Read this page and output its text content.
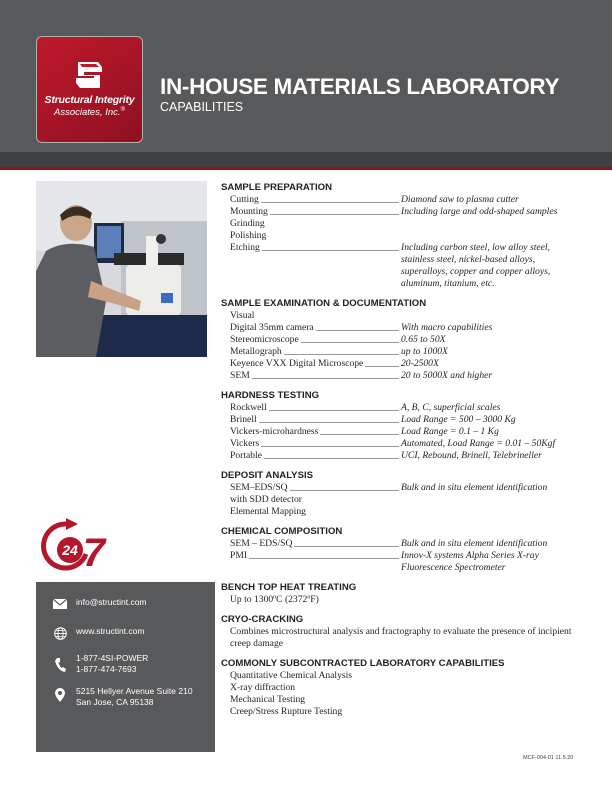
Structural Integrity
Associates, Inc.®
IN-HOUSE MATERIALS LABORATORY
CAPABILITIES
24 7
info@structint.com
www.structint.com
1-877-4SI-POWER
1-877-474-7693
5215 Hellyer Avenue Suite 210
San Jose, CA 95138
SAMPLE PREPARATION
Cutting	Diamond saw to plasma cutter
Mounting	Including large and odd-shaped samples
Grinding
Polishing
Etching	Including carbon steel, low alloy steel, stainless steel, nickel-based alloys, superalloys, copper and copper alloys, aluminum, titanium, etc.
SAMPLE EXAMINATION & DOCUMENTATION
Visual
Digital 35mm camera	With macro capabilities
Stereomicroscope	0.65 to 50X
Metallograph	up to 1000X
Keyence VXX Digital Microscope	20-2500X
SEM	20 to 5000X and higher
HARDNESS TESTING
Rockwell	A, B, C, superficial scales
Brinell	Load Range = 500 – 3000 Kg
Vickers-microhardness	Load Range = 0.1 – 1 Kg
Vickers	Automated, Load Range = 0.01 – 50Kgf
Portable	UCI, Rebound, Brinell, Telebrineller
DEPOSIT ANALYSIS
SEM–EDS/SQ	Bulk and in situ element identification
with SDD detector
Elemental Mapping
CHEMICAL COMPOSITION
SEM – EDS/SQ	Bulk and in situ element identification
PMI	Innov-X systems Alpha Series X-ray Fluorescence Spectrometer
BENCH TOP HEAT TREATING
Up to 1300ºC (2372ºF)
CRYO-CRACKING
Combines microstructural analysis and fractography to evaluate the presence of incipient creep damage
COMMONLY SUBCONTRACTED LABORATORY CAPABILITIES
Quantitative Chemical Analysis
X-ray diffraction
Mechanical Testing
Creep/Stress Rupture Testing
MCF-004-01 11.5.20
